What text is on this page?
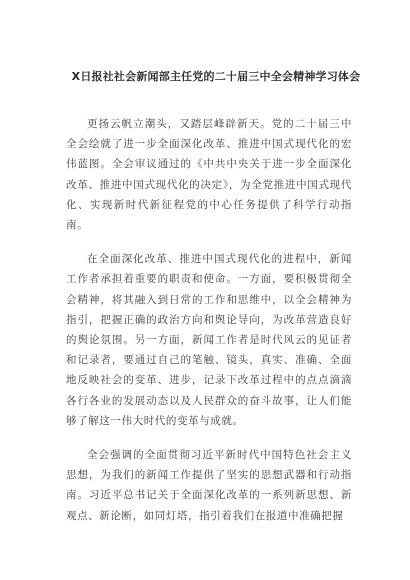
X日报社社会新闻部主任党的二十届三中全会精神学习体会

更扬云帆立潮头，又踏层峰辟新天。党的二十届三中全会绘就了进一步全面深化改革、推进中国式现代化的宏伟蓝图。全会审议通过的《中共中央关于进一步全面深化改革、推进中国式现代化的决定》，为全党推进中国式现代化、实现新时代新征程党的中心任务提供了科学行动指南。

在全面深化改革、推进中国式现代化的进程中，新闻工作者承担着重要的职责和使命。一方面，要积极贯彻全会精神，将其融入到日常的工作和思维中，以全会精神为指引，把握正确的政治方向和舆论导向，为改革营造良好的舆论氛围。另一方面，新闻工作者是时代风云的见证者和记录者，要通过自己的笔触、镜头，真实、准确、全面地反映社会的变革、进步，记录下改革过程中的点点滴滴各行各业的发展动态以及人民群众的奋斗故事，让人们能够了解这一伟大时代的变革与成就。

全会强调的全面贯彻习近平新时代中国特色社会主义思想，为我们的新闻工作提供了坚实的思想武器和行动指南。习近平总书记关于全面深化改革的一系列新思想、新观点、新论断，如同灯塔，指引着我们在报道中准确把握
